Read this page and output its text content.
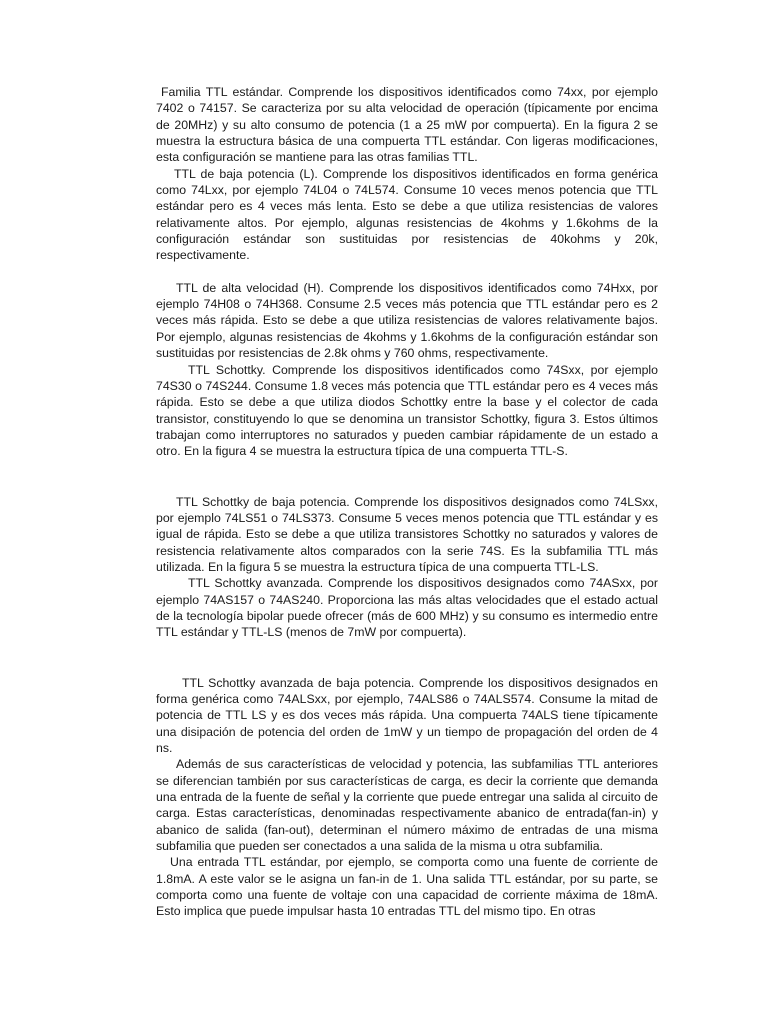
Familia TTL estándar. Comprende los dispositivos identificados como 74xx, por ejemplo 7402 o 74157. Se caracteriza por su alta velocidad de operación (típicamente por encima de 20MHz) y su alto consumo de potencia (1 a 25 mW por compuerta). En la figura 2 se muestra la estructura básica de una compuerta TTL estándar. Con ligeras modificaciones, esta configuración se mantiene para las otras familias TTL.

TTL de baja potencia (L). Comprende los dispositivos identificados en forma genérica como 74Lxx, por ejemplo 74L04 o 74L574. Consume 10 veces menos potencia que TTL estándar pero es 4 veces más lenta. Esto se debe a que utiliza resistencias de valores relativamente altos. Por ejemplo, algunas resistencias de 4kohms y 1.6kohms de la configuración estándar son sustituidas por resistencias de 40kohms y 20k, respectivamente.

TTL de alta velocidad (H). Comprende los dispositivos identificados como 74Hxx, por ejemplo 74H08 o 74H368. Consume 2.5 veces más potencia que TTL estándar pero es 2 veces más rápida. Esto se debe a que utiliza resistencias de valores relativamente bajos. Por ejemplo, algunas resistencias de 4kohms y 1.6kohms de la configuración estándar son sustituidas por resistencias de 2.8k ohms y 760 ohms, respectivamente.

TTL Schottky. Comprende los dispositivos identificados como 74Sxx, por ejemplo 74S30 o 74S244. Consume 1.8 veces más potencia que TTL estándar pero es 4 veces más rápida. Esto se debe a que utiliza diodos Schottky entre la base y el colector de cada transistor, constituyendo lo que se denomina un transistor Schottky, figura 3. Estos últimos trabajan como interruptores no saturados y pueden cambiar rápidamente de un estado a otro. En la figura 4 se muestra la estructura típica de una compuerta TTL-S.

TTL Schottky de baja potencia. Comprende los dispositivos designados como 74LSxx, por ejemplo 74LS51 o 74LS373. Consume 5 veces menos potencia que TTL estándar y es igual de rápida. Esto se debe a que utiliza transistores Schottky no saturados y valores de resistencia relativamente altos comparados con la serie 74S. Es la subfamilia TTL más utilizada. En la figura 5 se muestra la estructura típica de una compuerta TTL-LS.

TTL Schottky avanzada. Comprende los dispositivos designados como 74ASxx, por ejemplo 74AS157 o 74AS240. Proporciona las más altas velocidades que el estado actual de la tecnología bipolar puede ofrecer (más de 600 MHz) y su consumo es intermedio entre TTL estándar y TTL-LS (menos de 7mW por compuerta).

TTL Schottky avanzada de baja potencia. Comprende los dispositivos designados en forma genérica como 74ALSxx, por ejemplo, 74ALS86 o 74ALS574. Consume la mitad de potencia de TTL LS y es dos veces más rápida. Una compuerta 74ALS tiene típicamente una disipación de potencia del orden de 1mW y un tiempo de propagación del orden de 4 ns.

Además de sus características de velocidad y potencia, las subfamilias TTL anteriores se diferencian también por sus características de carga, es decir la corriente que demanda una entrada de la fuente de señal y la corriente que puede entregar una salida al circuito de carga. Estas características, denominadas respectivamente abanico de entrada(fan-in) y abanico de salida (fan-out), determinan el número máximo de entradas de una misma subfamilia que pueden ser conectados a una salida de la misma u otra subfamilia.

Una entrada TTL estándar, por ejemplo, se comporta como una fuente de corriente de 1.8mA. A este valor se le asigna un fan-in de 1. Una salida TTL estándar, por su parte, se comporta como una fuente de voltaje con una capacidad de corriente máxima de 18mA. Esto implica que puede impulsar hasta 10 entradas TTL del mismo tipo. En otras
